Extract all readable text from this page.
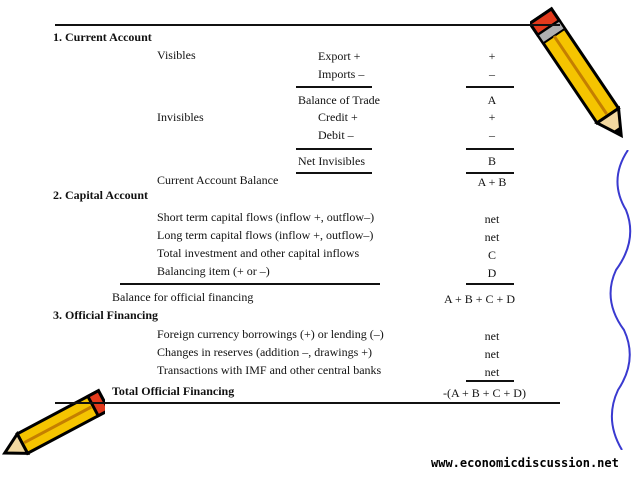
1. Current Account
Visibles	Export +	+
Imports –	–
Balance of Trade	A
Invisibles	Credit +	+
Debit –	–
Net Invisibles	B
Current Account Balance	A + B
2. Capital Account
Short term capital flows (inflow +, outflow–)	net
Long term capital flows (inflow +, outflow–)	net
Total investment and other capital inflows	C
Balancing item (+ or –)	D
Balance for official financing	A + B + C + D
3. Official Financing
Foreign currency borrowings (+) or lending (–)	net
Changes in reserves (addition –, drawings +)	net
Transactions with IMF and other central banks	net
Total Official Financing	-(A + B + C + D)
www.economicdiscussion.net
